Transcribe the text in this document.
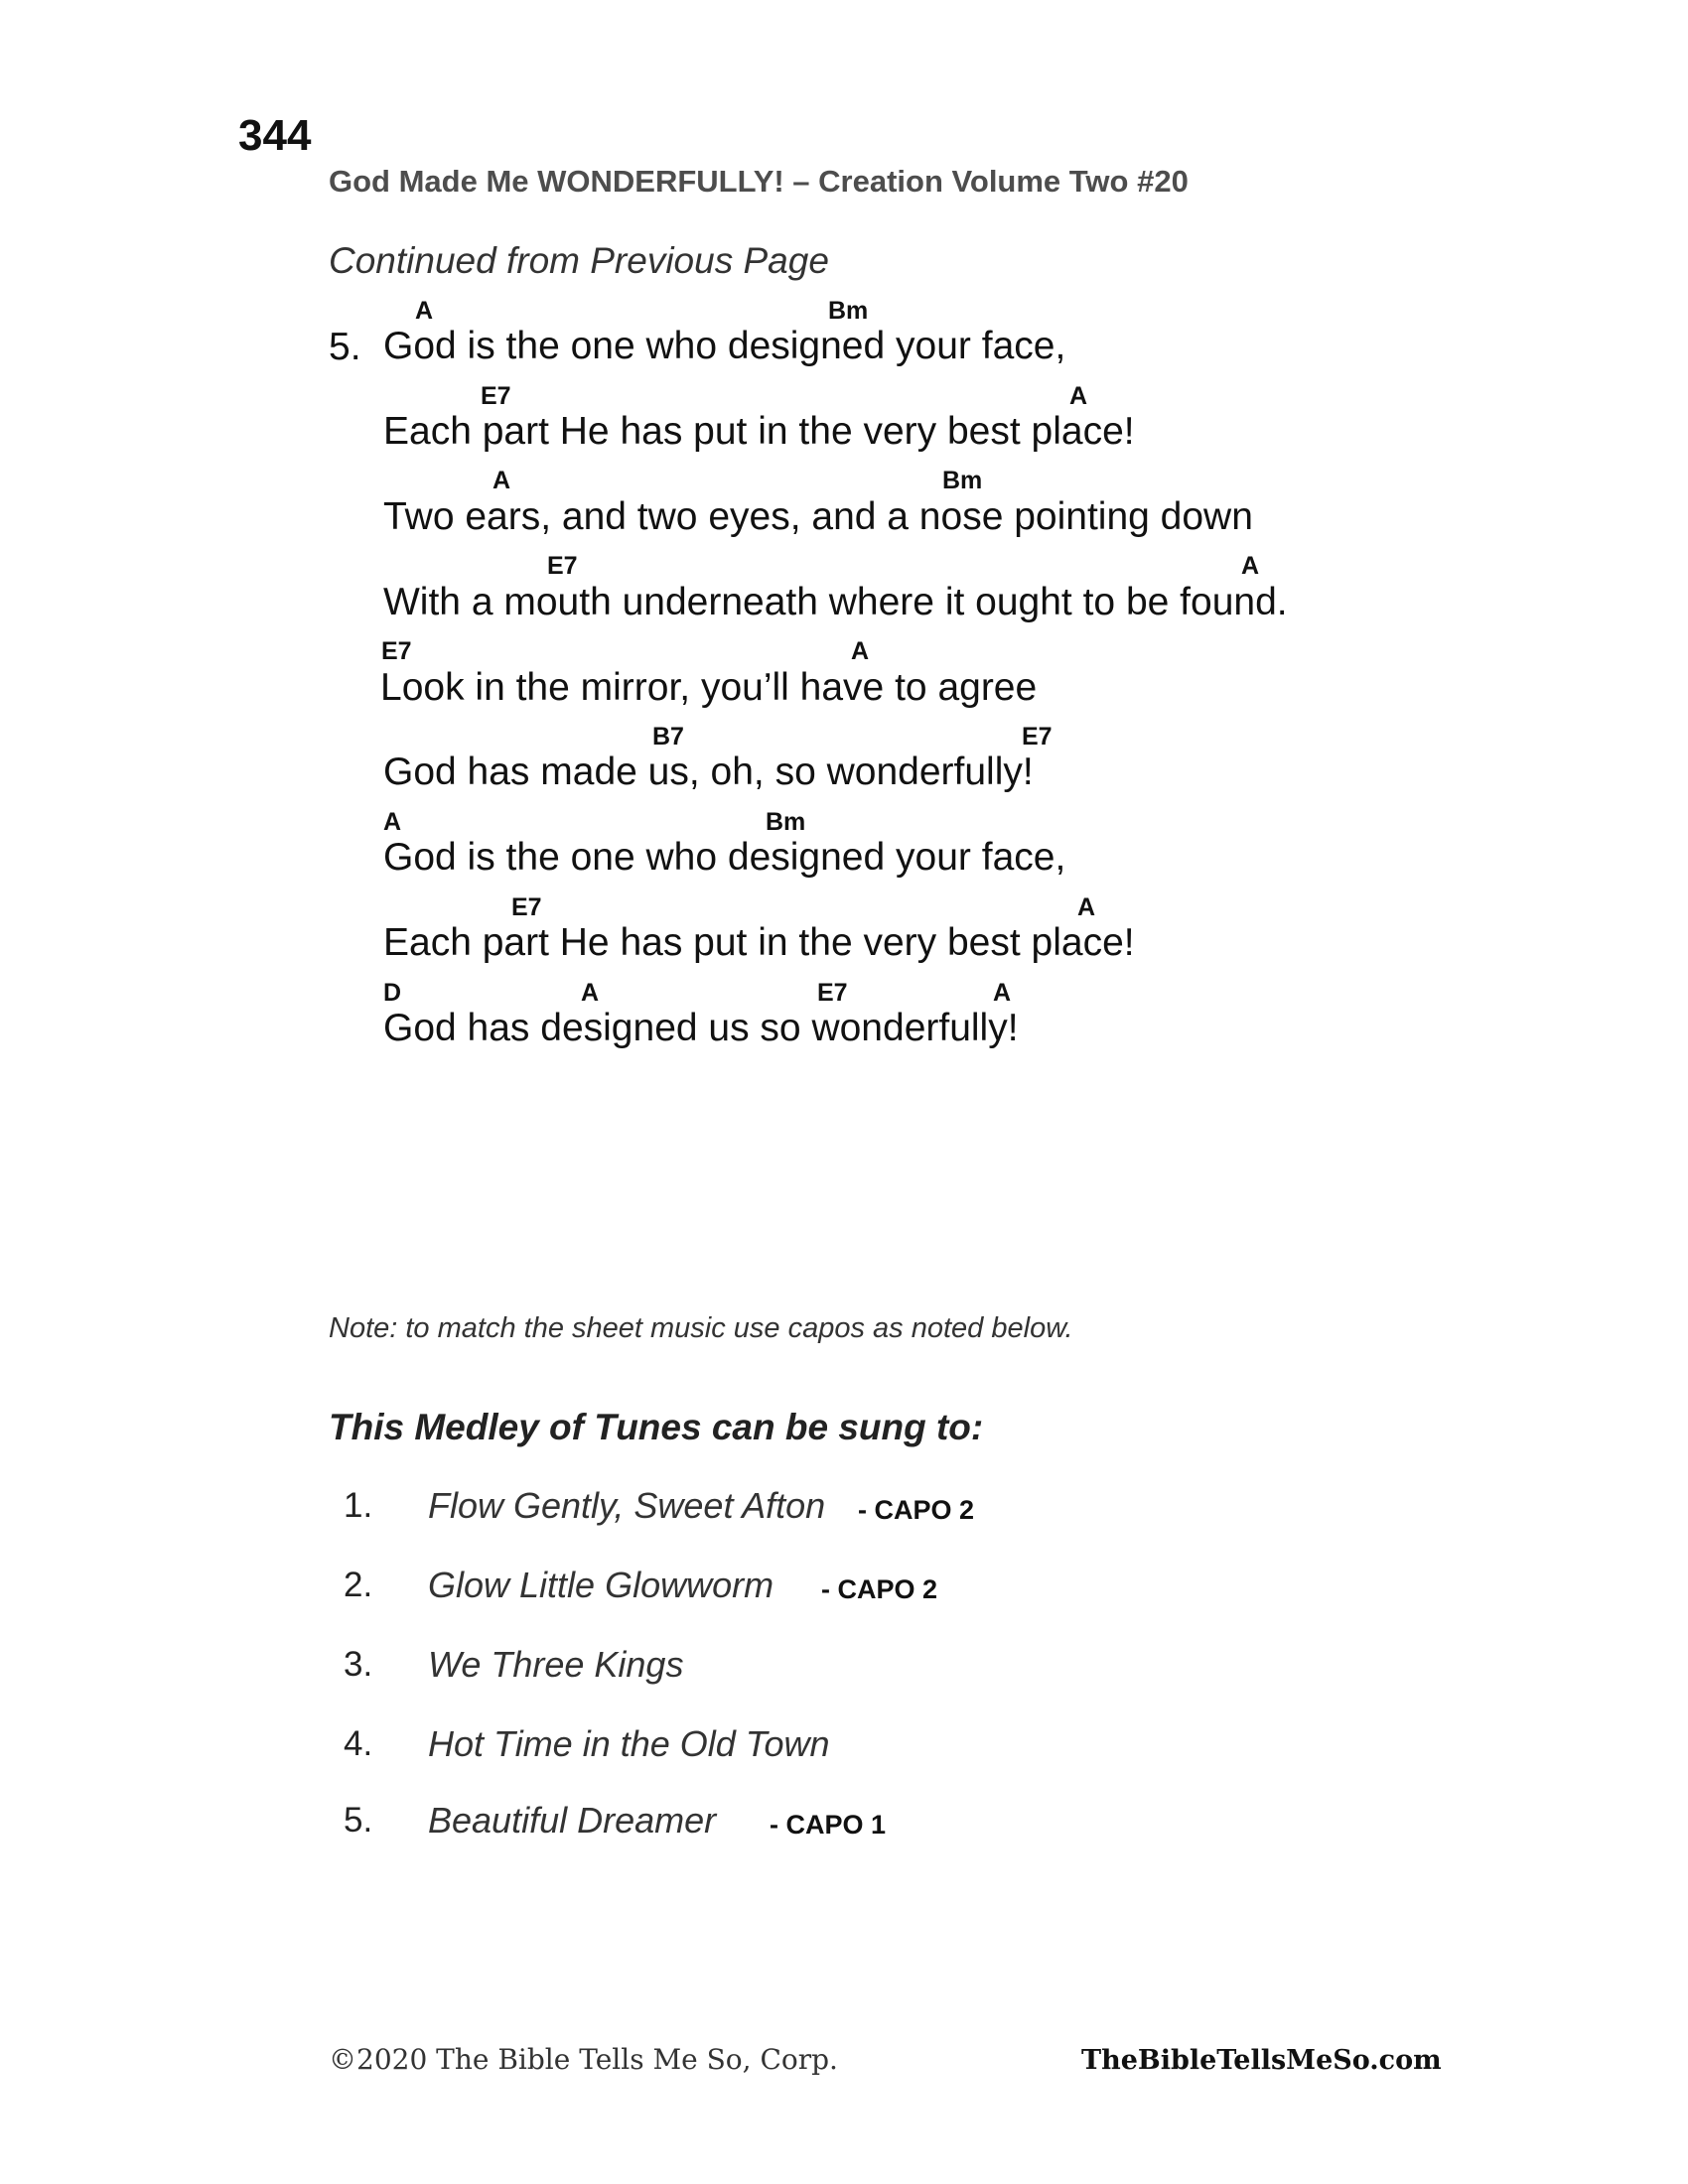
344
God Made Me WONDERFULLY! – Creation Volume Two #20
Continued from Previous Page
5.
A	Bm
God is the one who designed your face,
E7	A
Each part He has put in the very best place!
A	Bm
Two ears, and two eyes, and a nose pointing down
E7	A
With a mouth underneath where it ought to be found.
E7	A
Look in the mirror, you’ll have to agree
B7	E7
God has made us, oh, so wonderfully!
A	Bm
God is the one who designed your face,
E7	A
Each part He has put in the very best place!
D	A	E7	A
God has designed us so wonderfully!
Note: to match the sheet music use capos as noted below.
This Medley of Tunes can be sung to:
1. Flow Gently, Sweet Afton - CAPO 2
2. Glow Little Glowworm - CAPO 2
3. We Three Kings
4. Hot Time in the Old Town
5. Beautiful Dreamer - CAPO 1
©2020 The Bible Tells Me So, Corp.	TheBibleTellsMeSo.com
